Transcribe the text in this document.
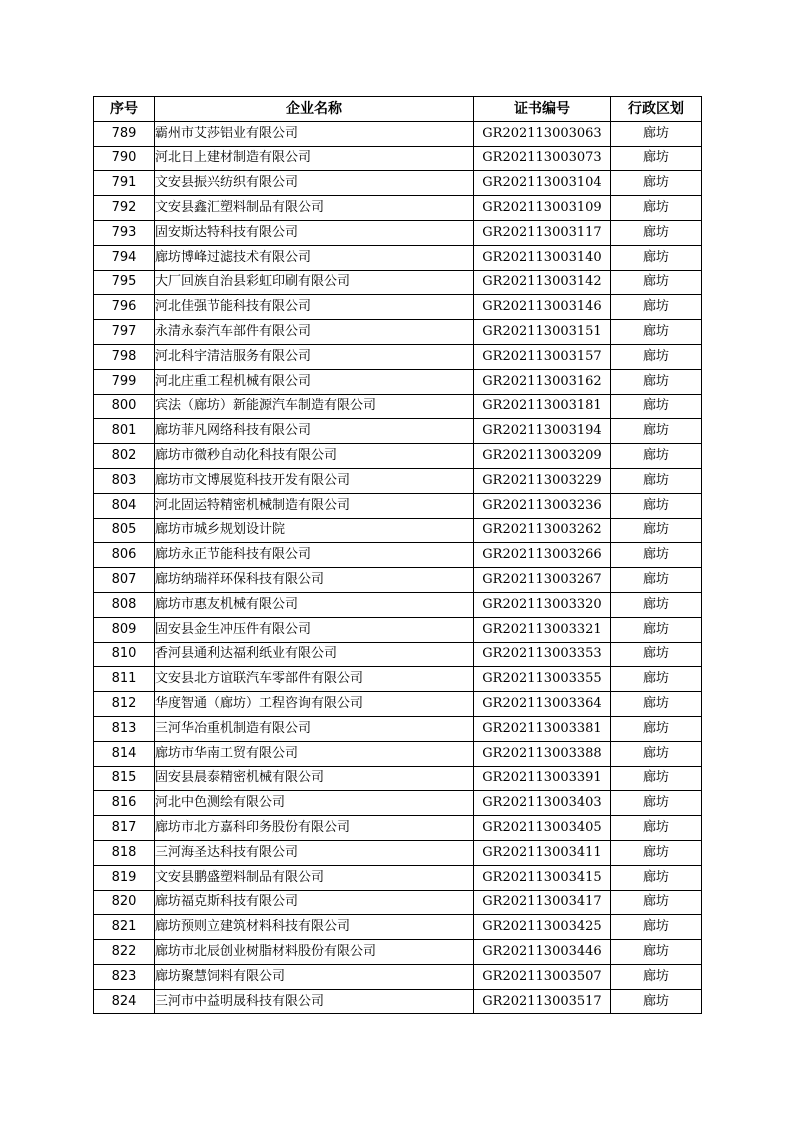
序号	企业名称	证书编号	行政区划
789	霸州市艾莎铝业有限公司	GR202113003063	廊坊
790	河北日上建材制造有限公司	GR202113003073	廊坊
791	文安县振兴纺织有限公司	GR202113003104	廊坊
792	文安县鑫汇塑料制品有限公司	GR202113003109	廊坊
793	固安斯达特科技有限公司	GR202113003117	廊坊
794	廊坊博峰过滤技术有限公司	GR202113003140	廊坊
795	大厂回族自治县彩虹印刷有限公司	GR202113003142	廊坊
796	河北佳强节能科技有限公司	GR202113003146	廊坊
797	永清永泰汽车部件有限公司	GR202113003151	廊坊
798	河北科宇清洁服务有限公司	GR202113003157	廊坊
799	河北庄重工程机械有限公司	GR202113003162	廊坊
800	宾法（廊坊）新能源汽车制造有限公司	GR202113003181	廊坊
801	廊坊菲凡网络科技有限公司	GR202113003194	廊坊
802	廊坊市微秒自动化科技有限公司	GR202113003209	廊坊
803	廊坊市文博展览科技开发有限公司	GR202113003229	廊坊
804	河北固运特精密机械制造有限公司	GR202113003236	廊坊
805	廊坊市城乡规划设计院	GR202113003262	廊坊
806	廊坊永正节能科技有限公司	GR202113003266	廊坊
807	廊坊纳瑞祥环保科技有限公司	GR202113003267	廊坊
808	廊坊市惠友机械有限公司	GR202113003320	廊坊
809	固安县金生冲压件有限公司	GR202113003321	廊坊
810	香河县通利达福利纸业有限公司	GR202113003353	廊坊
811	文安县北方谊联汽车零部件有限公司	GR202113003355	廊坊
812	华度智通（廊坊）工程咨询有限公司	GR202113003364	廊坊
813	三河华冶重机制造有限公司	GR202113003381	廊坊
814	廊坊市华南工贸有限公司	GR202113003388	廊坊
815	固安县晨泰精密机械有限公司	GR202113003391	廊坊
816	河北中色测绘有限公司	GR202113003403	廊坊
817	廊坊市北方嘉科印务股份有限公司	GR202113003405	廊坊
818	三河海圣达科技有限公司	GR202113003411	廊坊
819	文安县鹏盛塑料制品有限公司	GR202113003415	廊坊
820	廊坊福克斯科技有限公司	GR202113003417	廊坊
821	廊坊预则立建筑材料科技有限公司	GR202113003425	廊坊
822	廊坊市北辰创业树脂材料股份有限公司	GR202113003446	廊坊
823	廊坊聚慧饲料有限公司	GR202113003507	廊坊
824	三河市中益明晟科技有限公司	GR202113003517	廊坊
